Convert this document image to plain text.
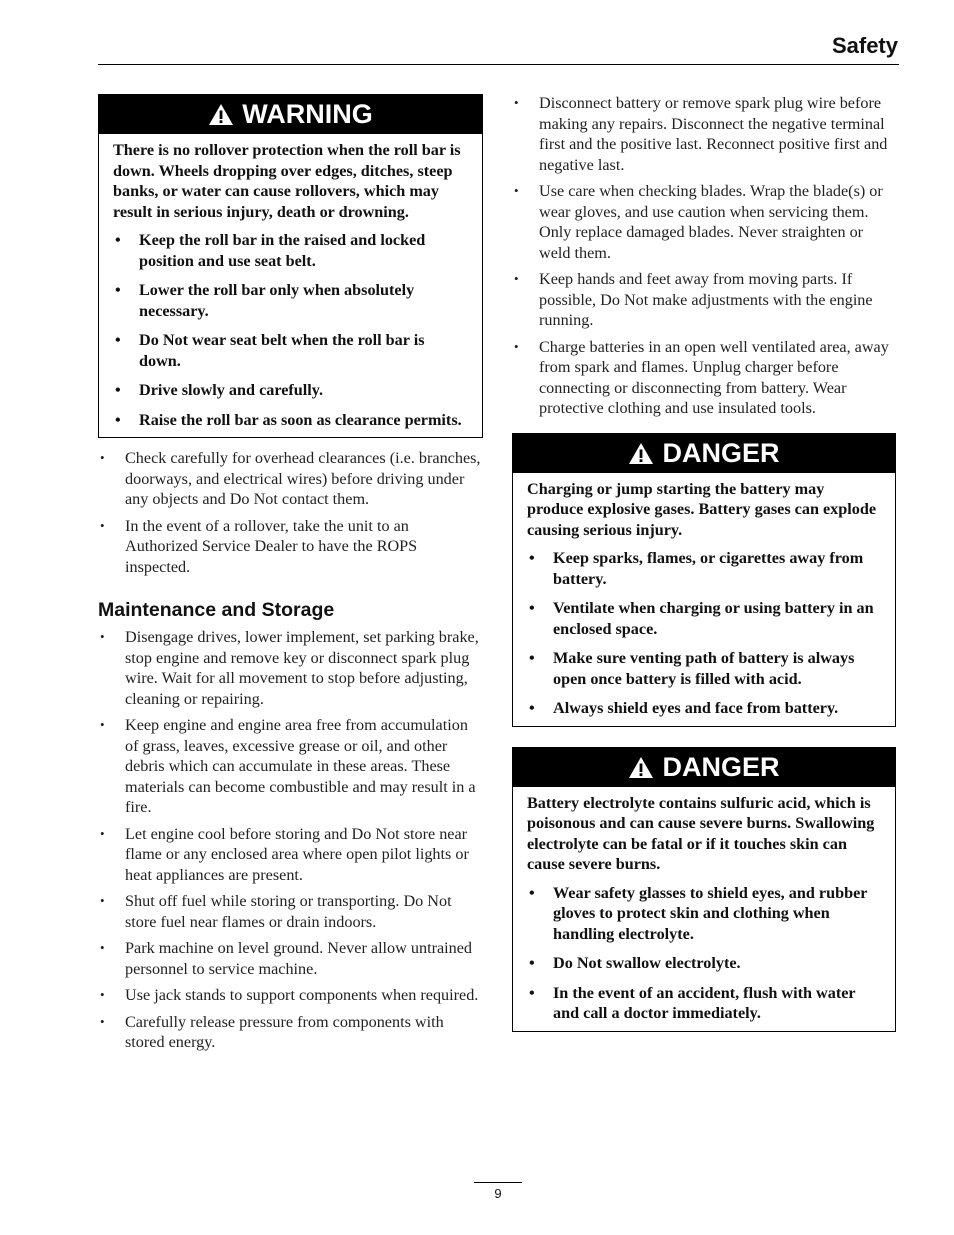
Safety
WARNING

There is no rollover protection when the roll bar is down. Wheels dropping over edges, ditches, steep banks, or water can cause rollovers, which may result in serious injury, death or drowning.

• Keep the roll bar in the raised and locked position and use seat belt.
• Lower the roll bar only when absolutely necessary.
• Do Not wear seat belt when the roll bar is down.
• Drive slowly and carefully.
• Raise the roll bar as soon as clearance permits.
• Check carefully for overhead clearances (i.e. branches, doorways, and electrical wires) before driving under any objects and Do Not contact them.
• In the event of a rollover, take the unit to an Authorized Service Dealer to have the ROPS inspected.
Maintenance and Storage
• Disengage drives, lower implement, set parking brake, stop engine and remove key or disconnect spark plug wire. Wait for all movement to stop before adjusting, cleaning or repairing.
• Keep engine and engine area free from accumulation of grass, leaves, excessive grease or oil, and other debris which can accumulate in these areas. These materials can become combustible and may result in a fire.
• Let engine cool before storing and Do Not store near flame or any enclosed area where open pilot lights or heat appliances are present.
• Shut off fuel while storing or transporting. Do Not store fuel near flames or drain indoors.
• Park machine on level ground. Never allow untrained personnel to service machine.
• Use jack stands to support components when required.
• Carefully release pressure from components with stored energy.
• Disconnect battery or remove spark plug wire before making any repairs. Disconnect the negative terminal first and the positive last. Reconnect positive first and negative last.
• Use care when checking blades. Wrap the blade(s) or wear gloves, and use caution when servicing them. Only replace damaged blades. Never straighten or weld them.
• Keep hands and feet away from moving parts. If possible, Do Not make adjustments with the engine running.
• Charge batteries in an open well ventilated area, away from spark and flames. Unplug charger before connecting or disconnecting from battery. Wear protective clothing and use insulated tools.
DANGER

Charging or jump starting the battery may produce explosive gases. Battery gases can explode causing serious injury.

• Keep sparks, flames, or cigarettes away from battery.
• Ventilate when charging or using battery in an enclosed space.
• Make sure venting path of battery is always open once battery is filled with acid.
• Always shield eyes and face from battery.
DANGER

Battery electrolyte contains sulfuric acid, which is poisonous and can cause severe burns. Swallowing electrolyte can be fatal or if it touches skin can cause severe burns.

• Wear safety glasses to shield eyes, and rubber gloves to protect skin and clothing when handling electrolyte.
• Do Not swallow electrolyte.
• In the event of an accident, flush with water and call a doctor immediately.
9
